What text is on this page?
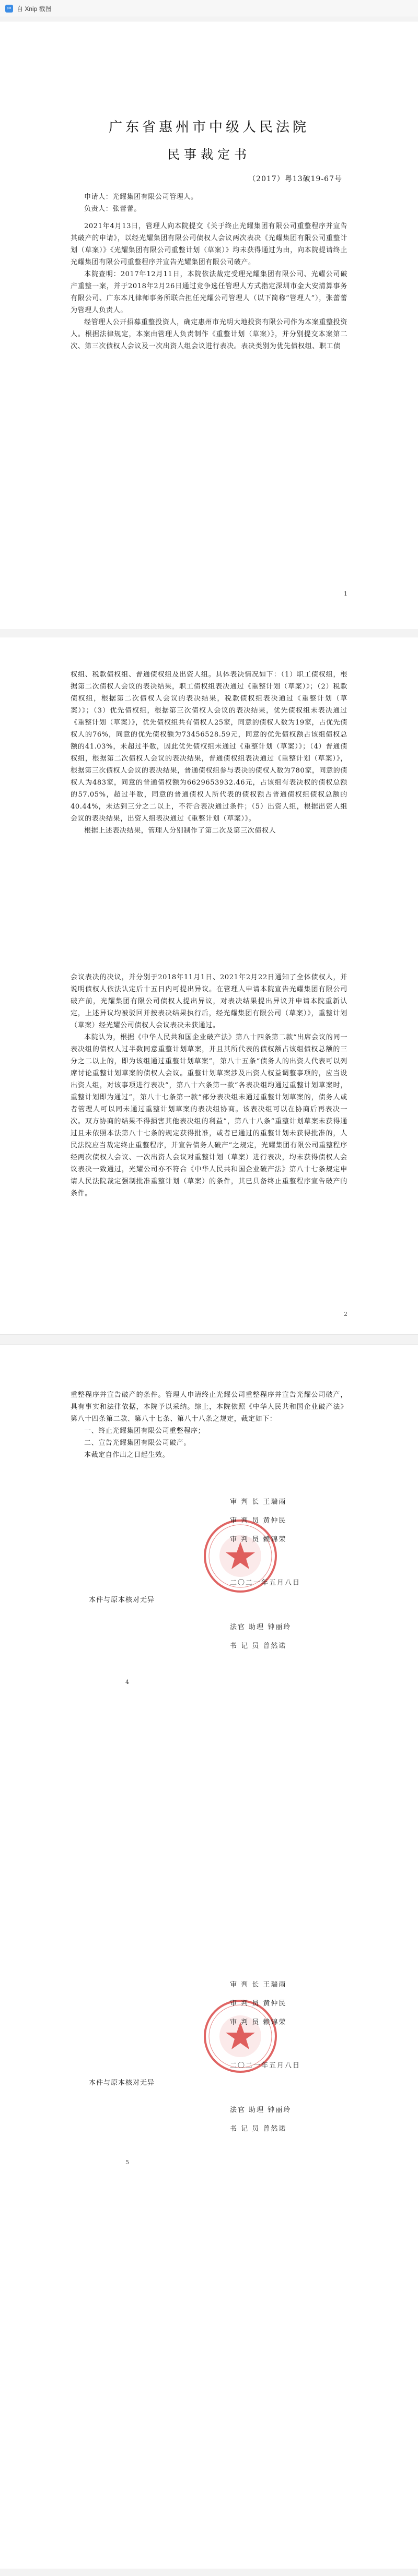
✂ 自 Xnip 截图
广东省惠州市中级人民法院
民事裁定书
（2017）粤13破19-67号

申请人：光耀集团有限公司管理人。

负责人：张蕾蕾。

2021年4月13日，管理人向本院提交《关于终止光耀集团有限公司重整程序并宣告其破产的申请》，以经光耀集团有限公司债权人会议两次表决《光耀集团有限公司重整计划（草案）》《光耀集团有限公司重整计划（草案）》均未获得通过为由，向本院提请终止光耀集团有限公司重整程序并宣告光耀集团有限公司破产。

本院查明：2017年12月11日，本院依法裁定受理光耀集团有限公司、光耀公司破产重整一案，并于2018年2月26日通过竞争选任管理人方式指定深圳市金大安清算事务有限公司、广东本凡律师事务所联合担任光耀公司管理人（以下简称“管理人”），张蕾蕾为管理人负责人。

经管理人公开招募重整投资人，确定惠州市光明大地投资有限公司作为本案重整投资人。根据法律规定，本案由管理人负责制作《重整计划（草案）》，并分别提交本案第二次、第三次债权人会议及一次出资人组会议进行表决。表决类别为优先债权组、职工债

1

权组、税款债权组、普通债权组及出资人组。具体表决情况如下：（1）职工债权组，根据第二次债权人会议的表决结果，职工债权组表决通过《重整计划（草案）》；（2）税款债权组，根据第二次债权人会议的表决结果，税款债权组表决通过《重整计划（草案）》；（3）优先债权组，根据第三次债权人会议的表决结果，优先债权组未表决通过《重整计划（草案）》，优先债权组共有债权人25家，同意的债权人数为19家，占优先债权人的76%，同意的优先债权额为73456528.59元，同意的优先债权额占该组债权总额的41.03%，未超过半数，因此优先债权组未通过《重整计划（草案）》；（4）普通债权组，根据第二次债权人会议的表决结果，普通债权组表决通过《重整计划（草案）》，根据第三次债权人会议的表决结果，普通债权组参与表决的债权人数为780家，同意的债权人为483家，同意的普通债权额为6629653932.46元，占该组有表决权的债权总额的57.05%，超过半数，同意的普通债权人所代表的债权额占普通债权组债权总额的40.44%，未达到三分之二以上，不符合表决通过条件；（5）出资人组，根据出资人组会议的表决结果，出资人组表决通过《重整计划（草案）》。

根据上述表决结果，管理人分别制作了第二次及第三次债权人

会议表决的决议，并分别于2018年11月1日、2021年2月22日通知了全体债权人，并说明债权人依法认定后十五日内可提出异议。在管理人申请本院宣告光耀集团有限公司破产前，光耀集团有限公司债权人提出异议，对表决结果提出异议并申请本院重新认定，上述异议均被驳回并按表决结果执行后，经光耀集团有限公司（草案）》，重整计划（草案）经光耀公司债权人会议表决未获通过。

本院认为，根据《中华人民共和国企业破产法》第八十四条第二款“出席会议的同一表决组的债权人过半数同意重整计划草案，并且其所代表的债权额占该组债权总额的三分之二以上的，即为该组通过重整计划草案”，第八十五条“债务人的出资人代表可以列席讨论重整计划草案的债权人会议。重整计划草案涉及出资人权益调整事项的，应当设出资人组，对该事项进行表决”，第八十六条第一款“各表决组均通过重整计划草案时，重整计划即为通过”，第八十七条第一款“部分表决组未通过重整计划草案的，债务人或者管理人可以同未通过重整计划草案的表决组协商。该表决组可以在协商后再表决一次。双方协商的结果不得损害其他表决组的利益”，第八十八条“重整计划草案未获得通过且未依照本法第八十七条的规定获得批准，或者已通过的重整计划未获得批准的，人民法院应当裁定终止重整程序，并宣告债务人破产”之规定，光耀集团有限公司重整程序经两次债权人会议、一次出资人会议对重整计划（草案）进行表决，均未获得债权人会议表决一致通过，光耀公司亦不符合《中华人民共和国企业破产法》第八十七条规定申请人民法院裁定强制批准重整计划（草案）的条件，其已具备终止重整程序宣告破产的条件。

2

重整程序并宣告破产的条件。管理人申请终止光耀公司重整程序并宣告光耀公司破产，具有事实和法律依据，本院予以采纳。综上，本院依照《中华人民共和国企业破产法》第八十四条第二款、第八十七条、第八十八条之规定，裁定如下：

一、终止光耀集团有限公司重整程序；

二、宣告光耀集团有限公司破产。

本裁定自作出之日起生效。

审 判 长 王瑞雨
审 判 员 黄仲民
审 判 员 赖锦荣
二〇二一年五月八日
本件与原本核对无异
法官 助理 钟丽玲
书 记 员 曾然诺
4
审 判 长 王瑞雨
审 判 员 黄仲民
审 判 员 赖锦荣
二〇二一年五月八日
本件与原本核对无异
法官 助理 钟丽玲
书 记 员 曾然诺
5
